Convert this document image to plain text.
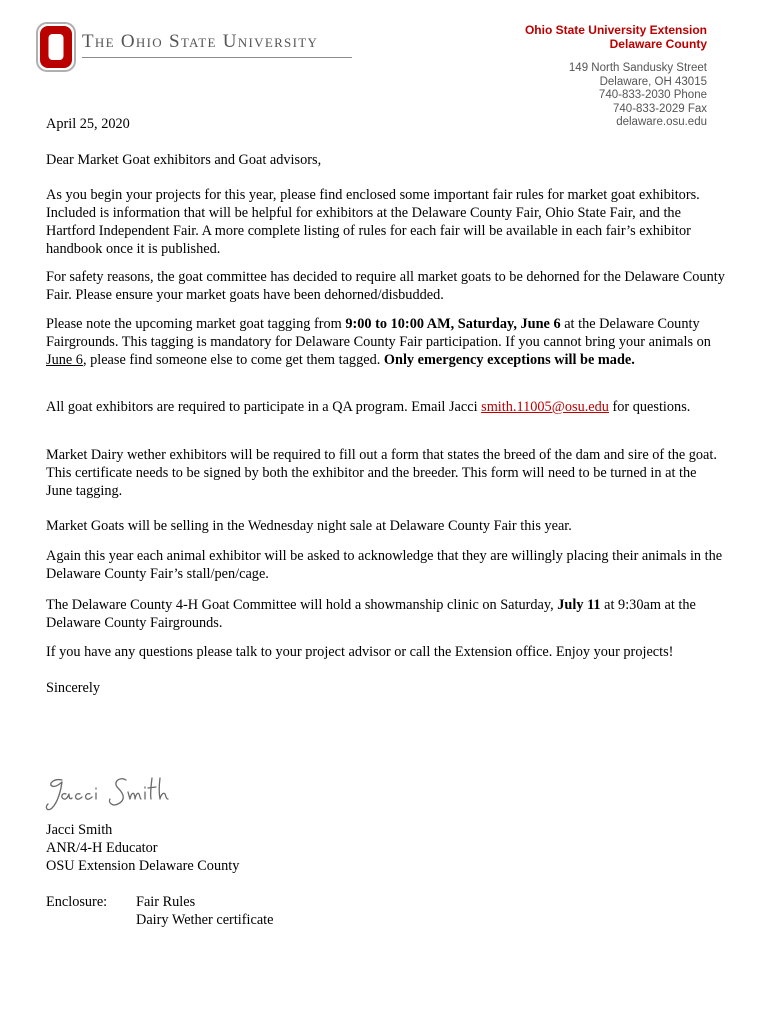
The Ohio State University
Ohio State University Extension
Delaware County
149 North Sandusky Street
Delaware, OH 43015
740-833-2030 Phone
740-833-2029 Fax
delaware.osu.edu

April 25, 2020

Dear Market Goat exhibitors and Goat advisors,

As you begin your projects for this year, please find enclosed some important fair rules for market goat exhibitors. Included is information that will be helpful for exhibitors at the Delaware County Fair, Ohio State Fair, and the Hartford Independent Fair. A more complete listing of rules for each fair will be available in each fair’s exhibitor handbook once it is published.

For safety reasons, the goat committee has decided to require all market goats to be dehorned for the Delaware County Fair. Please ensure your market goats have been dehorned/disbudded.

Please note the upcoming market goat tagging from 9:00 to 10:00 AM, Saturday, June 6 at the Delaware County Fairgrounds. This tagging is mandatory for Delaware County Fair participation. If you cannot bring your animals on June 6, please find someone else to come get them tagged. Only emergency exceptions will be made.

All goat exhibitors are required to participate in a QA program. Email Jacci smith.11005@osu.edu for questions.

Market Dairy wether exhibitors will be required to fill out a form that states the breed of the dam and sire of the goat. This certificate needs to be signed by both the exhibitor and the breeder. This form will need to be turned in at the June tagging.

Market Goats will be selling in the Wednesday night sale at Delaware County Fair this year.

Again this year each animal exhibitor will be asked to acknowledge that they are willingly placing their animals in the Delaware County Fair’s stall/pen/cage.

The Delaware County 4-H Goat Committee will hold a showmanship clinic on Saturday, July 11 at 9:30am at the Delaware County Fairgrounds.

If you have any questions please talk to your project advisor or call the Extension office. Enjoy your projects!

Sincerely

Jacci Smith

ANR/4-H Educator

OSU Extension Delaware County

Enclosure: Fair Rules
Dairy Wether certificate
